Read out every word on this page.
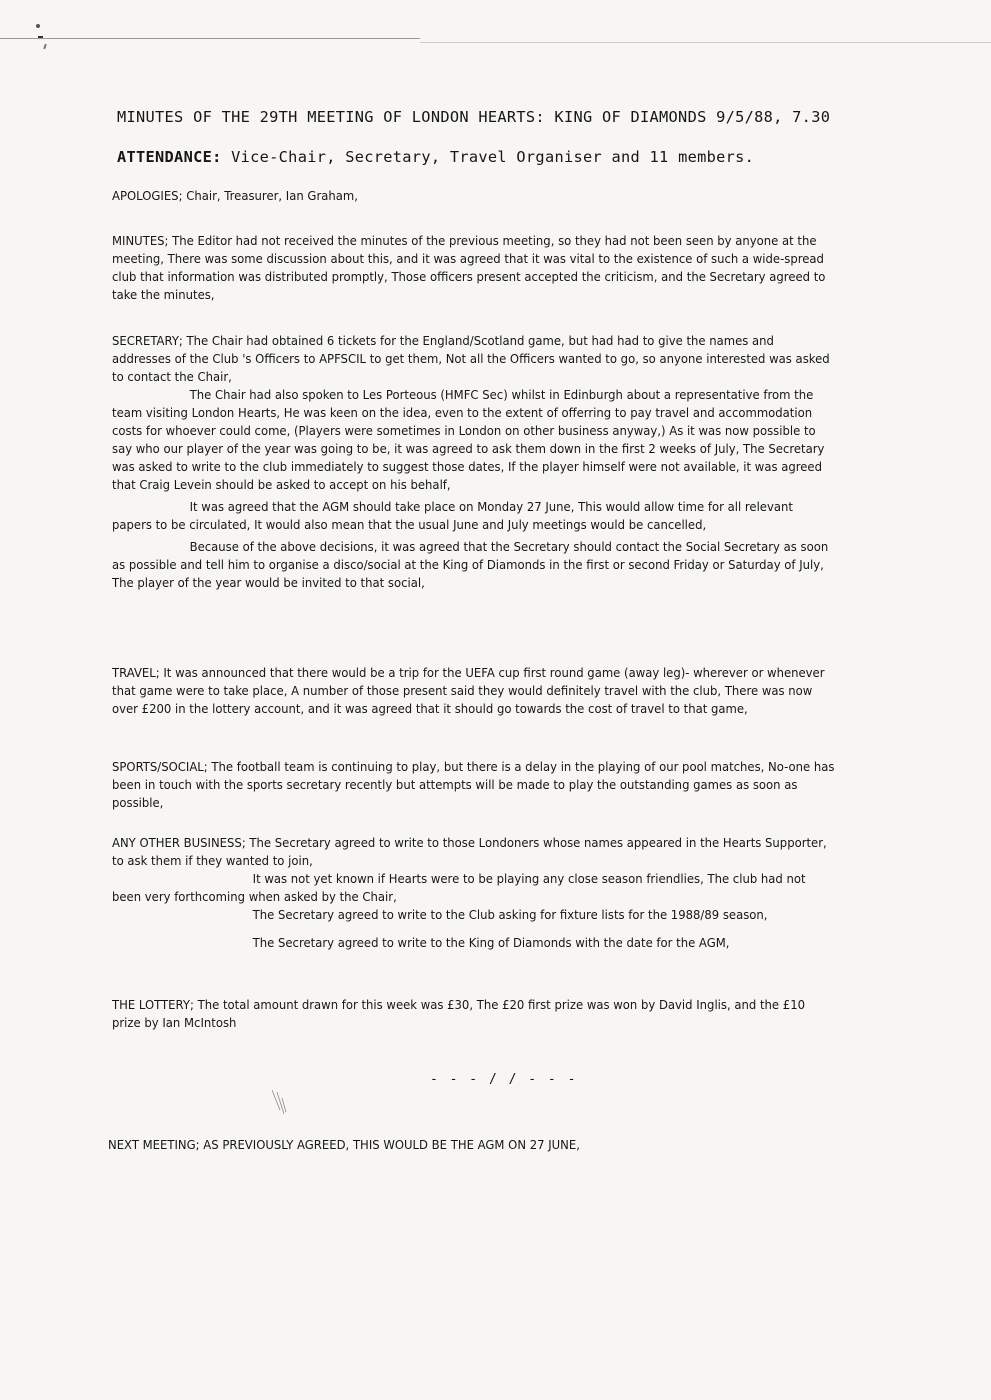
MINUTES OF THE 29TH MEETING OF LONDON HEARTS: KING OF DIAMONDS 9/5/88, 7.30
ATTENDANCE: Vice-Chair, Secretary, Travel Organiser and 11 members.
APOLOGIES; Chair, Treasurer, Ian Graham,
MINUTES; The Editor had not received the minutes of the previous meeting, so they had not been seen by anyone at the meeting, There was some discussion about this, and it was agreed that it was vital to the existence of such a wide-spread club that information was distributed promptly, Those officers present accepted the criticism, and the Secretary agreed to take the minutes,

SECRETARY; The Chair had obtained 6 tickets for the England/Scotland game, but had had to give the names and addresses of the Club 's Officers to APFSCIL to get them, Not all the Officers wanted to go, so anyone interested was asked to contact the Chair,

The Chair had also spoken to Les Porteous (HMFC Sec) whilst in Edinburgh about a representative from the team visiting London Hearts, He was keen on the idea, even to the extent of offerring to pay travel and accommodation costs for whoever could come, (Players were sometimes in London on other business anyway,) As it was now possible to say who our player of the year was going to be, it was agreed to ask them down in the first 2 weeks of July, The Secretary was asked to write to the club immediately to suggest those dates, If the player himself were not available, it was agreed that Craig Levein should be asked to accept on his behalf,

It was agreed that the AGM should take place on Monday 27 June, This would allow time for all relevant papers to be circulated, It would also mean that the usual June and July meetings would be cancelled,

Because of the above decisions, it was agreed that the Secretary should contact the Social Secretary as soon as possible and tell him to organise a disco/social at the King of Diamonds in the first or second Friday or Saturday of July, The player of the year would be invited to that social,

TRAVEL; It was announced that there would be a trip for the UEFA cup first round game (away leg)- wherever or whenever that game were to take place, A number of those present said they would definitely travel with the club, There was now over £200 in the lottery account, and it was agreed that it should go towards the cost of travel to that game,
SPORTS/SOCIAL; The football team is continuing to play, but there is a delay in the playing of our pool matches, No-one has been in touch with the sports secretary recently but attempts will be made to play the outstanding games as soon as possible,

ANY OTHER BUSINESS; The Secretary agreed to write to those Londoners whose names appeared in the Hearts Supporter, to ask them if they wanted to join,

It was not yet known if Hearts were to be playing any close season friendlies, The club had not been very forthcoming when asked by the Chair,

The Secretary agreed to write to the Club asking for fixture lists for the 1988/89 season,

The Secretary agreed to write to the King of Diamonds with the date for the AGM,

THE LOTTERY; The total amount drawn for this week was £30, The £20 first prize was won by David Inglis, and the £10 prize by Ian McIntosh
- - - / / - - -
NEXT MEETING; AS PREVIOUSLY AGREED, THIS WOULD BE THE AGM ON 27 JUNE,
